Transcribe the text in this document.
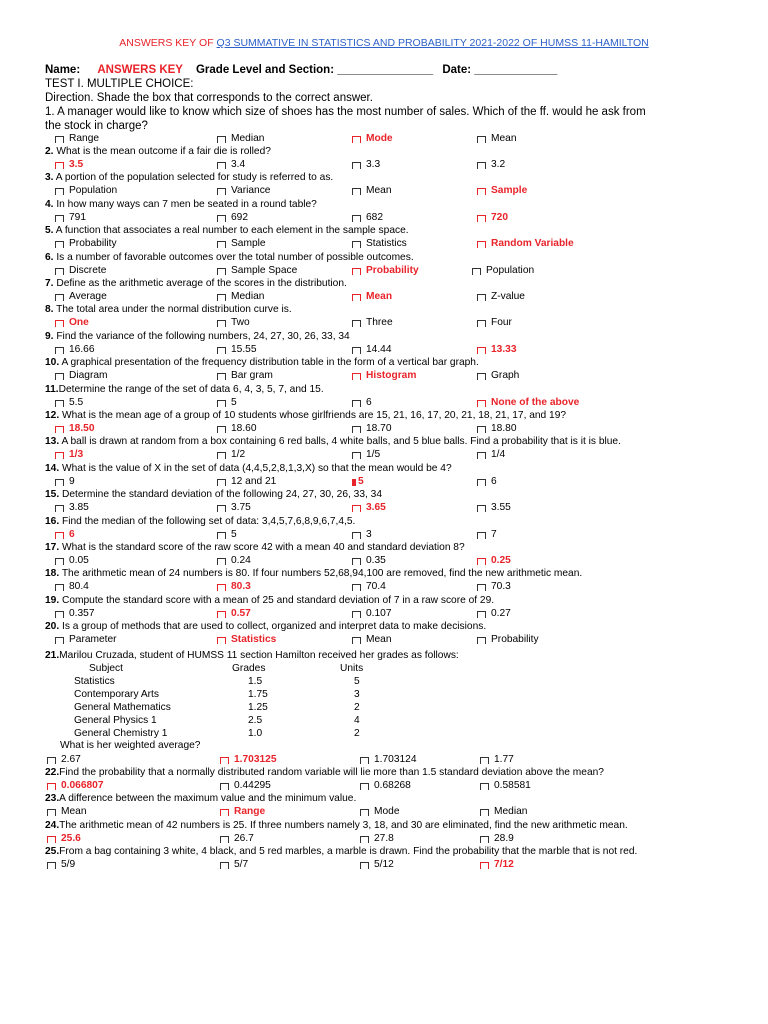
ANSWERS KEY OF Q3 SUMMATIVE IN STATISTICS AND PROBABILITY 2021-2022 OF HUMSS 11-HAMILTON
Name: ANSWERS KEY Grade Level and Section: _______________ Date: _____________
TEST I. MULTIPLE CHOICE:
Direction. Shade the box that corresponds to the correct answer.
1. A manager would like to know which size of shoes has the most number of sales. Which of the ff. would he ask from
the stock in charge?
Range	Median	Mode	Mean
2. What is the mean outcome if a fair die is rolled?
3.5	3.4	3.3	3.2
3. A portion of the population selected for study is referred to as.
Population	Variance	Mean	Sample
4. In how many ways can 7 men be seated in a round table?
791	692	682	720
5. A function that associates a real number to each element in the sample space.
Probability	Sample	Statistics	Random Variable
6. Is a number of favorable outcomes over the total number of possible outcomes.
Discrete	Sample Space	Probability	Population
7. Define as the arithmetic average of the scores in the distribution.
Average	Median	Mean	Z-value
8. The total area under the normal distribution curve is.
One	Two	Three	Four
9. Find the variance of the following numbers, 24, 27, 30, 26, 33, 34
16.66	15.55	14.44	13.33
10. A graphical presentation of the frequency distribution table in the form of a vertical bar graph.
Diagram	Bar gram	Histogram	Graph
11.Determine the range of the set of data 6, 4, 3, 5, 7, and 15.
5.5	5	6	None of the above
12. What is the mean age of a group of 10 students whose girlfriends are 15, 21, 16, 17, 20, 21, 18, 21, 17, and 19?
18.50	18.60	18.70	18.80
13. A ball is drawn at random from a box containing 6 red balls, 4 white balls, and 5 blue balls. Find a probability that is it is blue.
1/3	1/2	1/5	1/4
14. What is the value of X in the set of data (4,4,5,2,8,1,3,X) so that the mean would be 4?
9	12 and 21	5	6
15. Determine the standard deviation of the following 24, 27, 30, 26, 33, 34
3.85	3.75	3.65	3.55
16. Find the median of the following set of data: 3,4,5,7,6,8,9,6,7,4,5.
6	5	3	7
17. What is the standard score of the raw score 42 with a mean 40 and standard deviation 8?
0.05	0.24	0.35	0.25
18. The arithmetic mean of 24 numbers is 80. If four numbers 52,68,94,100 are removed, find the new arithmetic mean.
80.4	80.3	70.4	70.3
19. Compute the standard score with a mean of 25 and standard deviation of 7 in a raw score of 29.
0.357	0.57	0.107	0.27
20. Is a group of methods that are used to collect, organized and interpret data to make decisions.
Parameter	Statistics	Mean	Probability
21.Marilou Cruzada, student of HUMSS 11 section Hamilton received her grades as follows:
Subject	Grades	Units
Statistics	1.5	5
Contemporary Arts	1.75	3
General Mathematics	1.25	2
General Physics 1	2.5	4
General Chemistry 1	1.0	2
What is her weighted average?
2.67	1.703125	1.703124	1.77
22.Find the probability that a normally distributed random variable will lie more than 1.5 standard deviation above the mean?
0.066807	0.44295	0.68268	0.58581
23.A difference between the maximum value and the minimum value.
Mean	Range	Mode	Median
24.The arithmetic mean of 42 numbers is 25. If three numbers namely 3, 18, and 30 are eliminated, find the new arithmetic mean.
25.6	26.7	27.8	28.9
25.From a bag containing 3 white, 4 black, and 5 red marbles, a marble is drawn. Find the probability that the marble that is not red.
5/9	5/7	5/12	7/12
